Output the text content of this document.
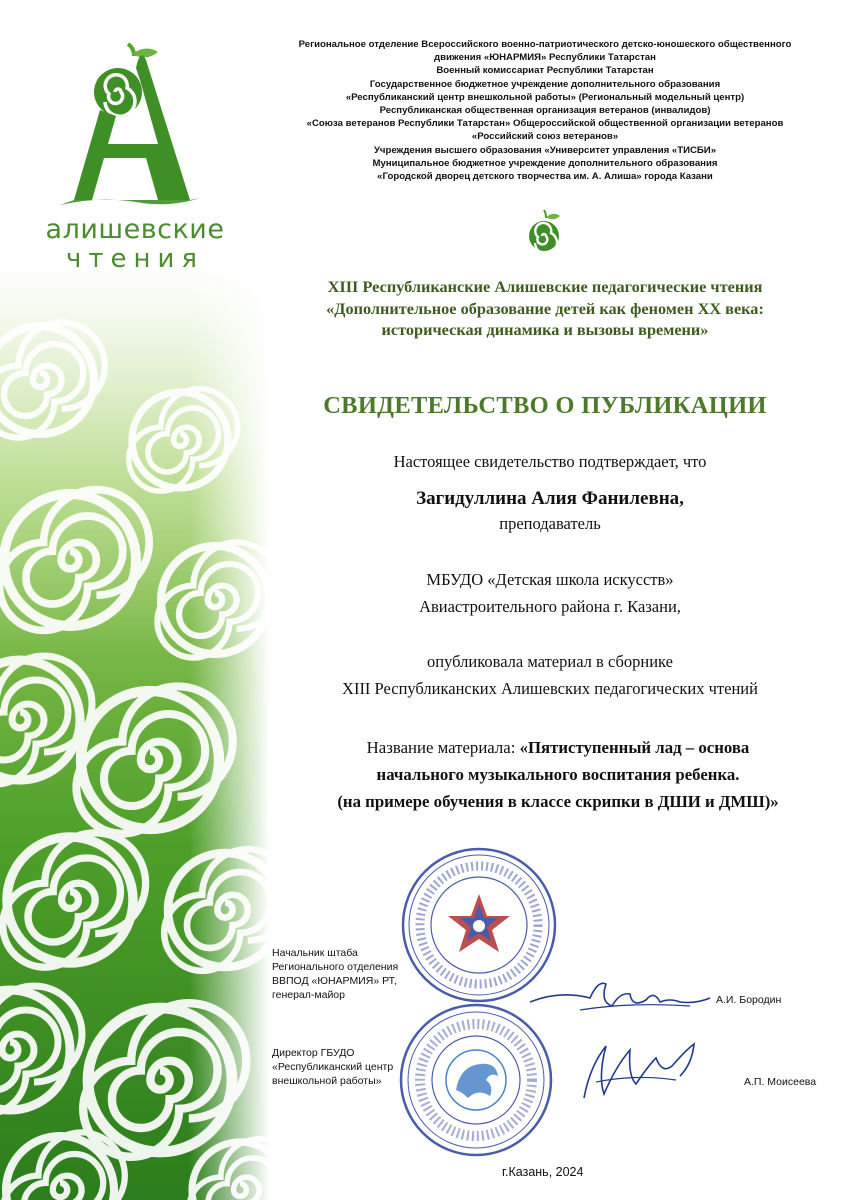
алишевские
чтения
Региональное отделение Всероссийского военно-патриотического детско-юношеского общественного
движения «ЮНАРМИЯ» Республики Татарстан
Военный комиссариат Республики Татарстан
Государственное бюджетное учреждение дополнительного образования
«Республиканский центр внешкольной работы» (Региональный модельный центр)
Республиканская общественная организация ветеранов (инвалидов)
«Союза ветеранов Республики Татарстан» Общероссийской общественной организации ветеранов
«Российский союз ветеранов»
Учреждения высшего образования «Университет управления «ТИСБИ»
Муниципальное бюджетное учреждение дополнительного образования
«Городской дворец детского творчества им. А. Алиша» города Казани
XIII Республиканские Алишевские педагогические чтения
«Дополнительное образование детей как феномен XX века:
историческая динамика и вызовы времени»
СВИДЕТЕЛЬСТВО О ПУБЛИКАЦИИ
Настоящее свидетельство подтверждает, что
Загидуллина Алия Фанилевна,
преподаватель
МБУДО «Детская школа искусств»
Авиастроительного района г. Казани,
опубликовала материал в сборнике
XIII Республиканских Алишевских педагогических чтений
Название материала: «Пятиступенный лад – основа
начального музыкального воспитания ребенка.
(на примере обучения в классе скрипки в ДШИ и ДМШ)»
Начальник штаба
Регионального отделения
ВВПОД «ЮНАРМИЯ» РТ,
генерал-майор	А.И. Бородин
Директор ГБУДО
«Республиканский центр
внешкольной работы»	А.П. Моисеева
г.Казань, 2024
